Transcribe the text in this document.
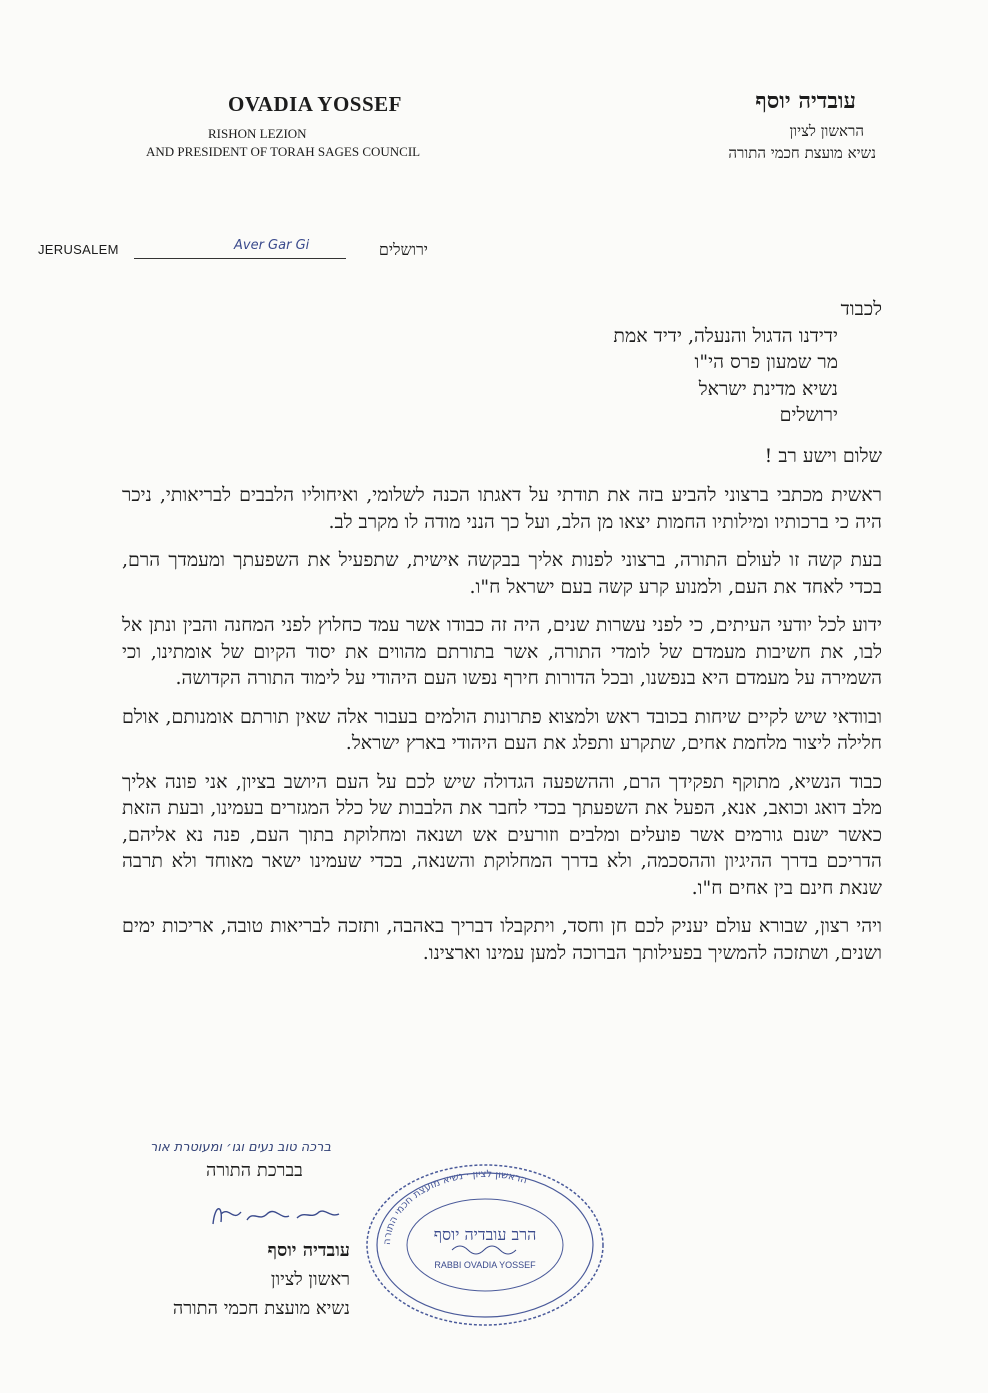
OVADIA YOSSEF
RISHON LEZION
AND PRESIDENT OF TORAH SAGES COUNCIL
עובדיה יוסף
הראשון לציון
נשיא מועצת חכמי התורה
JERUSALEM	Aver Gar Gi	ירושלים

לכבוד

ידידנו הדגול והנעלה, ידיד אמת

מר שמעון פרס הי"ו

נשיא מדינת ישראל

ירושלים

שלום וישע רב !

ראשית מכתבי ברצוני להביע בזה את תודתי על דאגתו הכנה לשלומי, ואיחוליו הלבבים לבריאותי, ניכר היה כי ברכותיו ומילותיו החמות יצאו מן הלב, ועל כך הנני מודה לו מקרב לב.

בעת קשה זו לעולם התורה, ברצוני לפנות אליך בבקשה אישית, שתפעיל את השפעתך ומעמדך הרם, בכדי לאחד את העם, ולמנוע קרע קשה בעם ישראל ח"ו.

ידוע לכל יודעי העיתים, כי לפני עשרות שנים, היה זה כבודו אשר עמד כחלוץ לפני המחנה והבין ונתן אל לבו, את חשיבות מעמדם של לומדי התורה, אשר בתורתם מהווים את יסוד הקיום של אומתינו, וכי השמירה על מעמדם היא בנפשנו, ובכל הדורות חירף נפשו העם היהודי על לימוד התורה הקדושה.

ובוודאי שיש לקיים שיחות בכובד ראש ולמצוא פתרונות הולמים בעבור אלה שאין תורתם אומנותם, אולם חלילה ליצור מלחמת אחים, שתקרע ותפלג את העם היהודי בארץ ישראל.

כבוד הנשיא, מתוקף תפקידך הרם, וההשפעה הגדולה שיש לכם על העם היושב בציון, אני פונה אליך מלב דואג וכואב, אנא, הפעל את השפעתך בכדי לחבר את הלבבות של כלל המגזרים בעמינו, ובעת הזאת כאשר ישנם גורמים אשר פועלים ומלבים וזורעים אש ושנאה ומחלוקת בתוך העם, פנה נא אליהם, הדריכם בדרך ההיגיון וההסכמה, ולא בדרך המחלוקת והשנאה, בכדי שעמינו ישאר מאוחד ולא תרבה שנאת חינם בין אחים ח"ו.

ויהי רצון, שבורא עולם יעניק לכם חן וחסד, ויתקבלו דבריך באהבה, ותזכה לבריאות טובה, אריכות ימים ושנים, ושתזכה להמשיך בפעילותך הברוכה למען עמינו וארצינו.

ברכה טוב נעים וגו׳ ומעוטרת אור
בברכת התורה

עובדיה יוסף

ראשון לציון

נשיא מועצת חכמי התורה

הראשון לציון · נשיא מועצת חכמי התורה
הרב עובדיה יוסף
RABBI OVADIA YOSSEF
